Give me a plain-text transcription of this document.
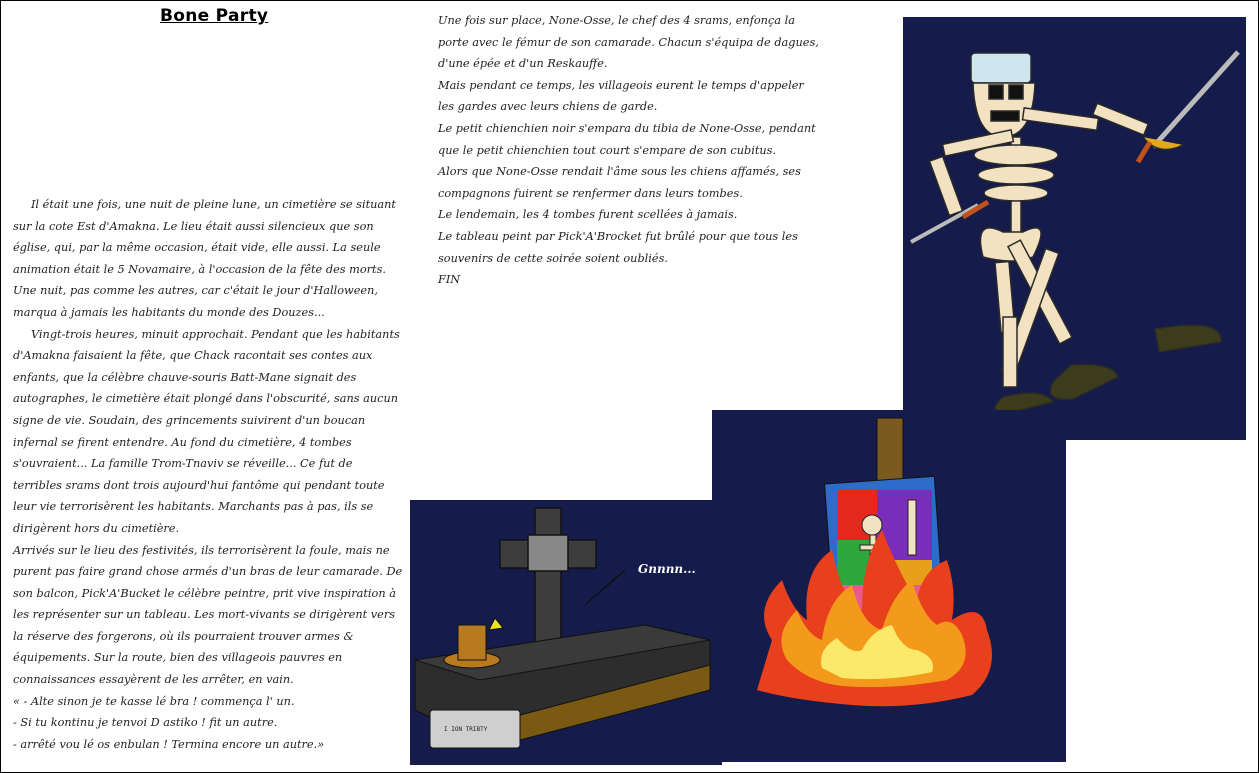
Bone Party

Il était une fois, une nuit de pleine lune, un cimetière se situant sur la cote Est d'Amakna. Le lieu était aussi silencieux que son église, qui, par la même occasion, était vide, elle aussi. La seule animation était le 5 Novamaire, à l'occasion de la fête des morts. Une nuit, pas comme les autres, car c'était le jour d'Halloween, marqua à jamais les habitants du monde des Douzes...

Vingt-trois heures, minuit approchait. Pendant que les habitants d'Amakna faisaient la fête, que Chack racontait ses contes aux enfants, que la célèbre chauve-souris Batt-Mane signait des autographes, le cimetière était plongé dans l'obscurité, sans aucun signe de vie. Soudain, des grincements suivirent d'un boucan infernal se firent entendre. Au fond du cimetière, 4 tombes s'ouvraient... La famille Trom-Tnaviv se réveille... Ce fut de terribles srams dont trois aujourd'hui fantôme qui pendant toute leur vie terrorisèrent les habitants. Marchants pas à pas, ils se dirigèrent hors du cimetière.

Arrivés sur le lieu des festivités, ils terrorisèrent la foule, mais ne purent pas faire grand chose armés d'un bras de leur camarade. De son balcon, Pick'A'Bucket le célèbre peintre, prit vive inspiration à les représenter sur un tableau. Les mort-vivants se dirigèrent vers la réserve des forgerons, où ils pourraient trouver armes & équipements. Sur la route, bien des villageois pauvres en connaissances essayèrent de les arrêter, en vain.

« - Alte sinon je te kasse lé bra ! commença l' un.

- Si tu kontinu je tenvoi D astiko ! fit un autre.

- arrêté vou lé os enbulan ! Termina encore un autre.»

Une fois sur place, None-Osse, le chef des 4 srams, enfonça la porte avec le fémur de son camarade. Chacun s'équipa de dagues, d'une épée et d'un Reskauffe.

Mais pendant ce temps, les villageois eurent le temps d'appeler les gardes avec leurs chiens de garde.

Le petit chienchien noir s'empara du tibia de None-Osse, pendant que le petit chienchien tout court s'empare de son cubitus.

Alors que None-Osse rendait l'âme sous les chiens affamés, ses compagnons fuirent se renfermer dans leurs tombes.

Le lendemain, les 4 tombes furent scellées à jamais.

Le tableau peint par Pick'A'Brocket fut brûlé pour que tous les souvenirs de cette soirée soient oubliés.

FIN

I ION TRIBTY
Gnnnn...
